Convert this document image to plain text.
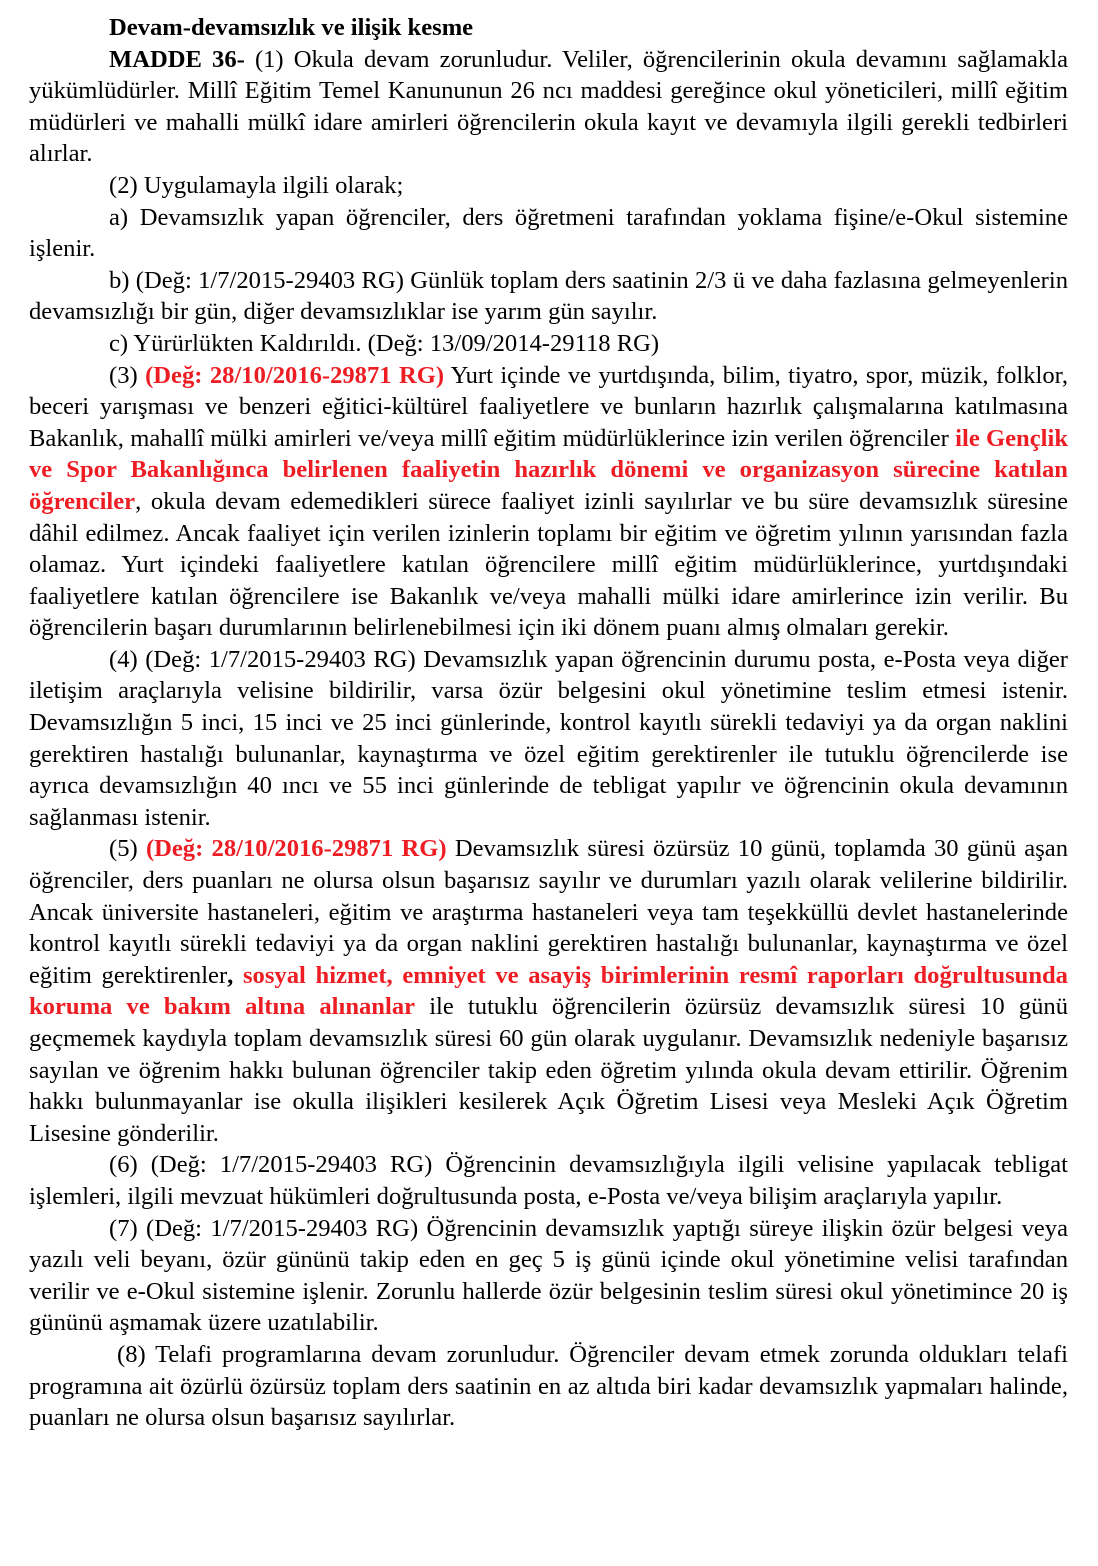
Devam-devamsızlık ve ilişik kesme

MADDE 36- (1) Okula devam zorunludur. Veliler, öğrencilerinin okula devamını sağlamakla yükümlüdürler. Millî Eğitim Temel Kanununun 26 ncı maddesi gereğince okul yöneticileri, millî eğitim müdürleri ve mahalli mülkî idare amirleri öğrencilerin okula kayıt ve devamıyla ilgili gerekli tedbirleri alırlar.

(2) Uygulamayla ilgili olarak;

a) Devamsızlık yapan öğrenciler, ders öğretmeni tarafından yoklama fişine/e-Okul sistemine işlenir.

b) (Değ: 1/7/2015-29403 RG) Günlük toplam ders saatinin 2/3 ü ve daha fazlasına gelmeyenlerin devamsızlığı bir gün, diğer devamsızlıklar ise yarım gün sayılır.

c) Yürürlükten Kaldırıldı. (Değ: 13/09/2014-29118 RG)

(3) (Değ: 28/10/2016-29871 RG) Yurt içinde ve yurtdışında, bilim, tiyatro, spor, müzik, folklor, beceri yarışması ve benzeri eğitici-kültürel faaliyetlere ve bunların hazırlık çalışmalarına katılmasına Bakanlık, mahallî mülki amirleri ve/veya millî eğitim müdürlüklerince izin verilen öğrenciler ile Gençlik ve Spor Bakanlığınca belirlenen faaliyetin hazırlık dönemi ve organizasyon sürecine katılan öğrenciler, okula devam edemedikleri sürece faaliyet izinli sayılırlar ve bu süre devamsızlık süresine dâhil edilmez. Ancak faaliyet için verilen izinlerin toplamı bir eğitim ve öğretim yılının yarısından fazla olamaz. Yurt içindeki faaliyetlere katılan öğrencilere millî eğitim müdürlüklerince, yurtdışındaki faaliyetlere katılan öğrencilere ise Bakanlık ve/veya mahalli mülki idare amirlerince izin verilir. Bu öğrencilerin başarı durumlarının belirlenebilmesi için iki dönem puanı almış olmaları gerekir.

(4) (Değ: 1/7/2015-29403 RG) Devamsızlık yapan öğrencinin durumu posta, e-Posta veya diğer iletişim araçlarıyla velisine bildirilir, varsa özür belgesini okul yönetimine teslim etmesi istenir. Devamsızlığın 5 inci, 15 inci ve 25 inci günlerinde, kontrol kayıtlı sürekli tedaviyi ya da organ naklini gerektiren hastalığı bulunanlar, kaynaştırma ve özel eğitim gerektirenler ile tutuklu öğrencilerde ise ayrıca devamsızlığın 40 ıncı ve 55 inci günlerinde de tebligat yapılır ve öğrencinin okula devamının sağlanması istenir.

(5) (Değ: 28/10/2016-29871 RG) Devamsızlık süresi özürsüz 10 günü, toplamda 30 günü aşan öğrenciler, ders puanları ne olursa olsun başarısız sayılır ve durumları yazılı olarak velilerine bildirilir. Ancak üniversite hastaneleri, eğitim ve araştırma hastaneleri veya tam teşekküllü devlet hastanelerinde kontrol kayıtlı sürekli tedaviyi ya da organ naklini gerektiren hastalığı bulunanlar, kaynaştırma ve özel eğitim gerektirenler, sosyal hizmet, emniyet ve asayiş birimlerinin resmî raporları doğrultusunda koruma ve bakım altına alınanlar ile tutuklu öğrencilerin özürsüz devamsızlık süresi 10 günü geçmemek kaydıyla toplam devamsızlık süresi 60 gün olarak uygulanır. Devamsızlık nedeniyle başarısız sayılan ve öğrenim hakkı bulunan öğrenciler takip eden öğretim yılında okula devam ettirilir. Öğrenim hakkı bulunmayanlar ise okulla ilişikleri kesilerek Açık Öğretim Lisesi veya Mesleki Açık Öğretim Lisesine gönderilir.

(6) (Değ: 1/7/2015-29403 RG) Öğrencinin devamsızlığıyla ilgili velisine yapılacak tebligat işlemleri, ilgili mevzuat hükümleri doğrultusunda posta, e-Posta ve/veya bilişim araçlarıyla yapılır.

(7) (Değ: 1/7/2015-29403 RG) Öğrencinin devamsızlık yaptığı süreye ilişkin özür belgesi veya yazılı veli beyanı, özür gününü takip eden en geç 5 iş günü içinde okul yönetimine velisi tarafından verilir ve e-Okul sistemine işlenir. Zorunlu hallerde özür belgesinin teslim süresi okul yönetimince 20 iş gününü aşmamak üzere uzatılabilir.

(8) Telafi programlarına devam zorunludur. Öğrenciler devam etmek zorunda oldukları telafi programına ait özürlü özürsüz toplam ders saatinin en az altıda biri kadar devamsızlık yapmaları halinde, puanları ne olursa olsun başarısız sayılırlar.
